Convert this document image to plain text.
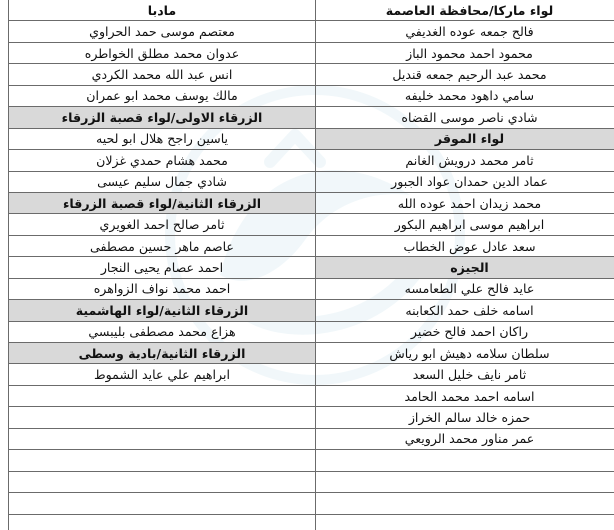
مادبا	لواء ماركا/محافظة العاصمة
معتصم موسى حمد الحراوي	فالح جمعه عوده الغديفي
عدوان محمد مطلق الخواطره	محمود احمد محمود الباز
انس عبد الله محمد الكردي	محمد عبد الرحيم جمعه قنديل
مالك يوسف محمد ابو عمران	سامي داهود محمد خليفه
الزرقاء الاولى/لواء قصبة الزرقاء	شادي ناصر موسى القضاه
ياسين راجح هلال ابو لحيه	لواء الموقر
محمد هشام حمدي غزلان	ثامر محمد درويش الغانم
شادي جمال سليم عيسى	عماد الدين حمدان عواد الجبور
الزرقاء الثانية/لواء قصبة الزرقاء	محمد زيدان احمد عوده الله
ثامر صالح احمد الغويري	ابراهيم موسى ابراهيم البكور
عاصم ماهر حسين مصطفى	سعد عادل عوض الخطاب
احمد عصام يحيى النجار	الجيزه
احمد محمد نواف الزواهره	عايد فالح علي الطعامسه
الزرقاء الثانية/لواء الهاشمية	اسامه خلف حمد الكعابنه
هزاع محمد مصطفى بليبسي	راكان احمد فالح خضير
الزرقاء الثانية/بادية وسطى	سلطان سلامه دهيش ابو رياش
ابراهيم علي عايد الشموط	ثامر نايف خليل السعد
	اسامه احمد محمد الحامد
	حمزه خالد سالم الخراز
	عمر مناور محمد الرويعي
